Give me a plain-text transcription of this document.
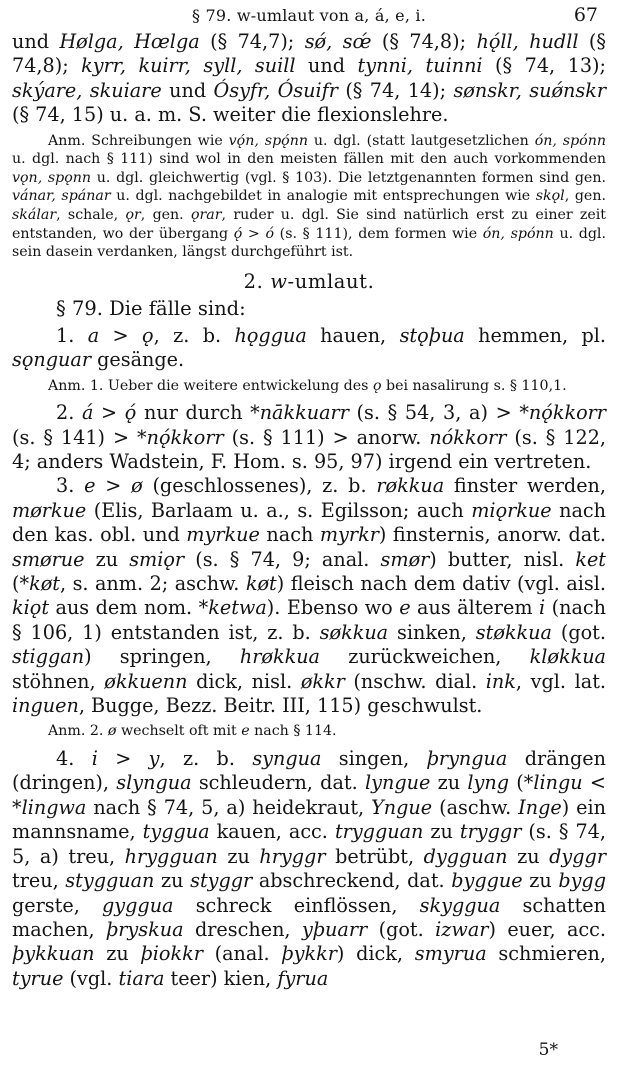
§ 79. w-umlaut von a, á, e, i.	67

und Hølga, Hœlga (§ 74,7); sǿ, sœ́ (§ 74,8); hǫ́ll, hudll (§ 74,8); kyrr, kuirr, syll, suill und tynni, tuinni (§ 74, 13); skýare, skuiare und Ósyfr, Ósuifr (§ 74, 14); sønskr, suǿnskr (§ 74, 15) u. a. m. S. weiter die flexionslehre.

Anm. Schreibungen wie vǫ́n, spǫ́nn u. dgl. (statt lautgesetzlichen ón, spónn u. dgl. nach § 111) sind wol in den meisten fällen mit den auch vorkommenden vǫn, spǫnn u. dgl. gleichwertig (vgl. § 103). Die letztgenannten formen sind gen. vánar, spánar u. dgl. nachgebildet in analogie mit entsprechungen wie skǫl, gen. skálar, schale, ǫr, gen. ǫrar, ruder u. dgl. Sie sind natürlich erst zu einer zeit entstanden, wo der übergang ǫ́ > ó (s. § 111), dem formen wie ón, spónn u. dgl. sein dasein verdanken, längst durchgeführt ist.

2. w-umlaut.

§ 79. Die fälle sind:

1. a > ǫ, z. b. hǫggua hauen, stǫþua hemmen, pl. sǫnguar gesänge.

Anm. 1. Ueber die weitere entwickelung des ǫ bei nasalirung s. § 110,1.

2. á > ǫ́ nur durch *nākkuarr (s. § 54, 3, a) > *nǫ́kkorr (s. § 141) > *nǫ́kkorr (s. § 111) > anorw. nókkorr (s. § 122, 4; anders Wadstein, F. Hom. s. 95, 97) irgend ein vertreten.

3. e > ø (geschlossenes), z. b. røkkua finster werden, mørkue (Elis, Barlaam u. a., s. Egilsson; auch miǫrkue nach den kas. obl. und myrkue nach myrkr) finsternis, anorw. dat. smørue zu smiǫr (s. § 74, 9; anal. smør) butter, nisl. ket (*køt, s. anm. 2; aschw. køt) fleisch nach dem dativ (vgl. aisl. kiǫt aus dem nom. *ketwa). Ebenso wo e aus älterem i (nach § 106, 1) entstanden ist, z. b. søkkua sinken, støkkua (got. stiggan) springen, hrøkkua zurückweichen, kløkkua stöhnen, økkuenn dick, nisl. økkr (nschw. dial. ink, vgl. lat. inguen, Bugge, Bezz. Beitr. III, 115) geschwulst.

Anm. 2. ø wechselt oft mit e nach § 114.

4. i > y, z. b. syngua singen, þryngua drängen (dringen), slyngua schleudern, dat. lyngue zu lyng (*lingu < *lingwa nach § 74, 5, a) heidekraut, Yngue (aschw. Inge) ein mannsname, tyggua kauen, acc. trygguan zu tryggr (s. § 74, 5, a) treu, hrygguan zu hryggr betrübt, dygguan zu dyggr treu, stygguan zu styggr abschreckend, dat. byggue zu bygg gerste, gyggua schreck einflössen, skyggua schatten machen, þryskua dreschen, yþuarr (got. izwar) euer, acc. þykkuan zu þiokkr (anal. þykkr) dick, smyrua schmieren, tyrue (vgl. tiara teer) kien, fyrua

5*
